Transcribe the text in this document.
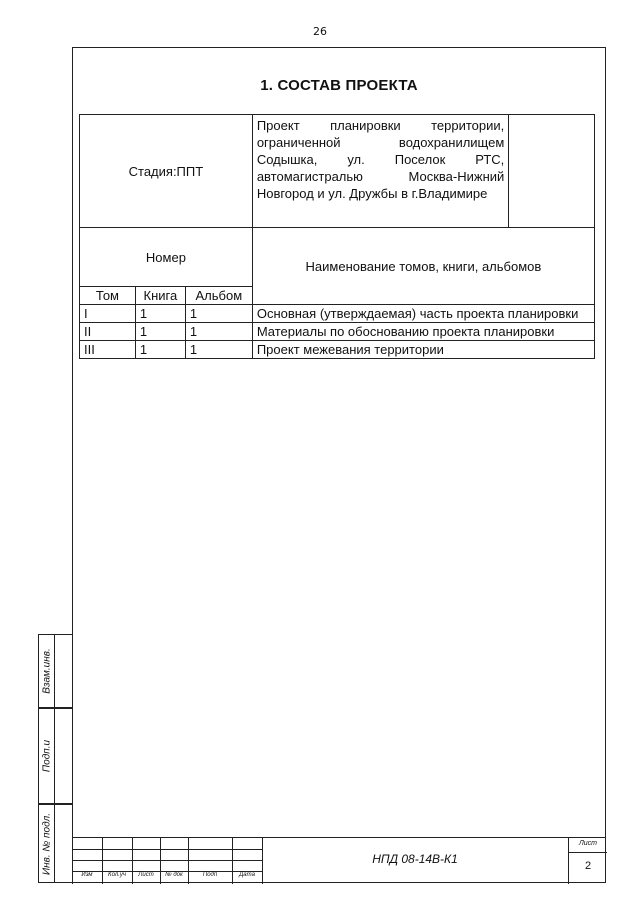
26
1. СОСТАВ ПРОЕКТА
Стадия:ППТ			Проект планировки территории, ограниченной водохранилищем Содышка, ул. Поселок РТС, автомагистралью Москва-Нижний Новгород и ул. Дружбы в г.Владимире	

Номер			Наименование томов, книги, альбомов	
Том	Книга	Альбом		
I	1	1	Основная (утверждаемая) часть проекта планировки	

II	1	1	Материалы по обоснованию проекта планировки	

III	1	1	Проект межевания территории	
Взам.инв.
Подп.и
Инв. № подл.
Изм	Кол.уч	Лист	№ док	Подп	Дата
НПД 08-14В-К1
Лист
2
